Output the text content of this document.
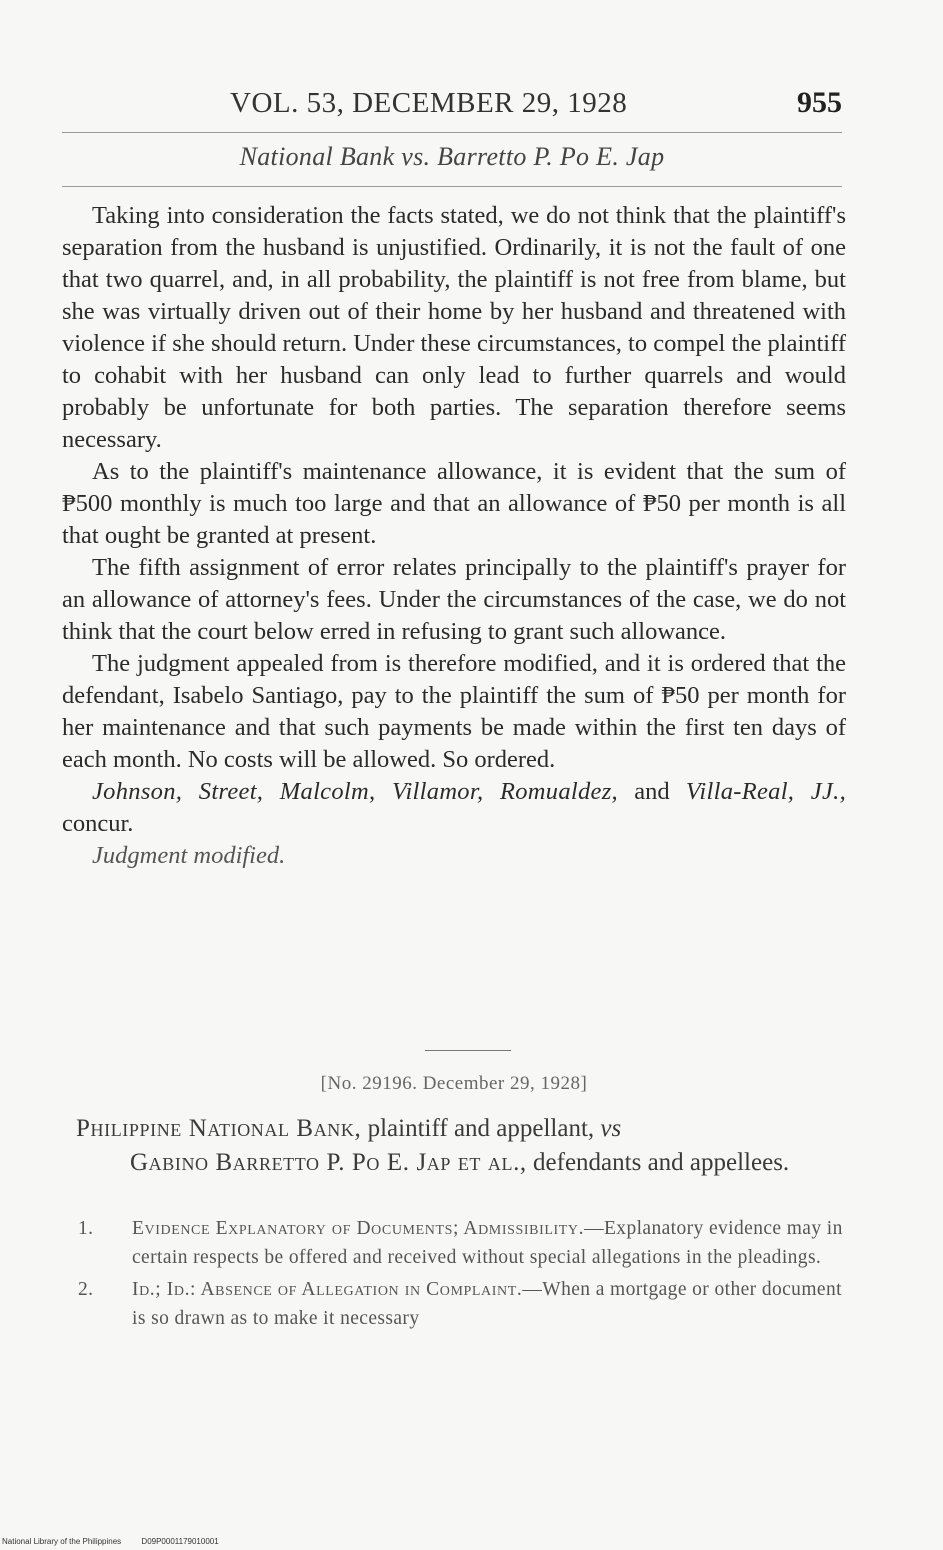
VOL. 53, DECEMBER 29, 1928	955
National Bank vs. Barretto P. Po E. Jap

Taking into consideration the facts stated, we do not think that the plaintiff's separation from the husband is unjustified. Ordinarily, it is not the fault of one that two quarrel, and, in all probability, the plaintiff is not free from blame, but she was virtually driven out of their home by her husband and threatened with violence if she should return. Under these circumstances, to compel the plaintiff to cohabit with her husband can only lead to further quarrels and would probably be unfortunate for both parties. The separation therefore seems necessary.

As to the plaintiff's maintenance allowance, it is evident that the sum of ₱500 monthly is much too large and that an allowance of ₱50 per month is all that ought be granted at present.

The fifth assignment of error relates principally to the plaintiff's prayer for an allowance of attorney's fees. Under the circumstances of the case, we do not think that the court below erred in refusing to grant such allowance.

The judgment appealed from is therefore modified, and it is ordered that the defendant, Isabelo Santiago, pay to the plaintiff the sum of ₱50 per month for her maintenance and that such payments be made within the first ten days of each month. No costs will be allowed. So ordered.

Johnson, Street, Malcolm, Villamor, Romualdez, and Villa-Real, JJ., concur.

Judgment modified.

[No. 29196. December 29, 1928]
Philippine National Bank, plaintiff and appellant, vs
Gabino Barretto P. Po E. Jap et al., defendants and appellees.

1. Evidence Explanatory of Documents; Admissibility.—Explanatory evidence may in certain respects be offered and received without special allegations in the pleadings.

2. Id.; Id.: Absence of Allegation in Complaint.—When a mortgage or other document is so drawn as to make it necessary

National Library of the Philippines	D09P0001179010001
